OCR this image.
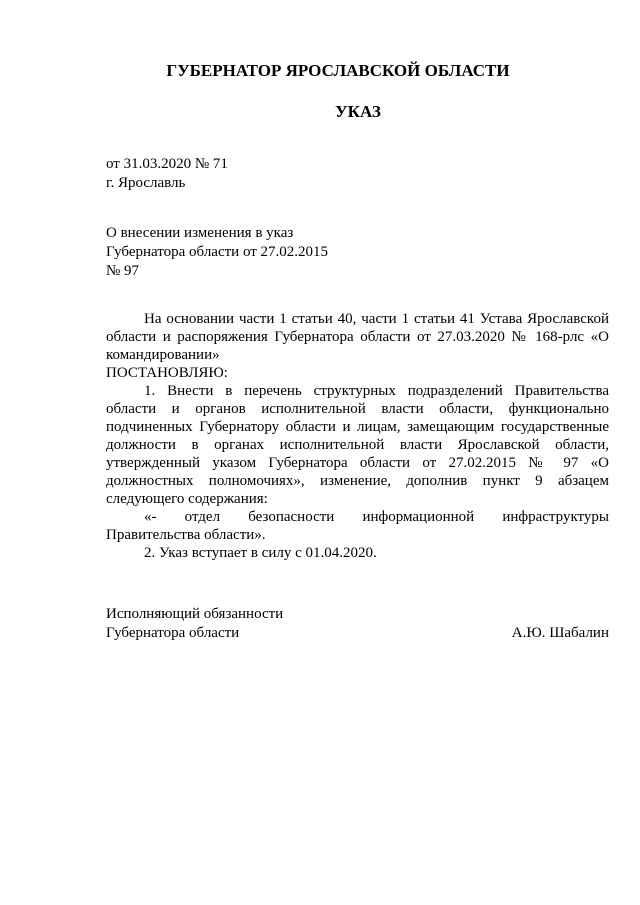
ГУБЕРНАТОР ЯРОСЛАВСКОЙ ОБЛАСТИ
УКАЗ
от 31.03.2020 № 71
г. Ярославль
О внесении изменения в указ
Губернатора области от 27.02.2015
№ 97

На основании части 1 статьи 40, части 1 статьи 41 Устава Ярославской области и распоряжения Губернатора области от 27.03.2020 № 168-рлс «О командировании»

ПОСТАНОВЛЯЮ:

1. Внести в перечень структурных подразделений Правительства области и органов исполнительной власти области, функционально подчиненных Губернатору области и лицам, замещающим государственные должности в органах исполнительной власти Ярославской области, утвержденный указом Губернатора области от 27.02.2015 № 97 «О должностных полномочиях», изменение, дополнив пункт 9 абзацем следующего содержания:

«- отдел безопасности информационной инфраструктуры Правительства области».

2. Указ вступает в силу с 01.04.2020.

Исполняющий обязанности
Губернатора области	А.Ю. Шабалин
